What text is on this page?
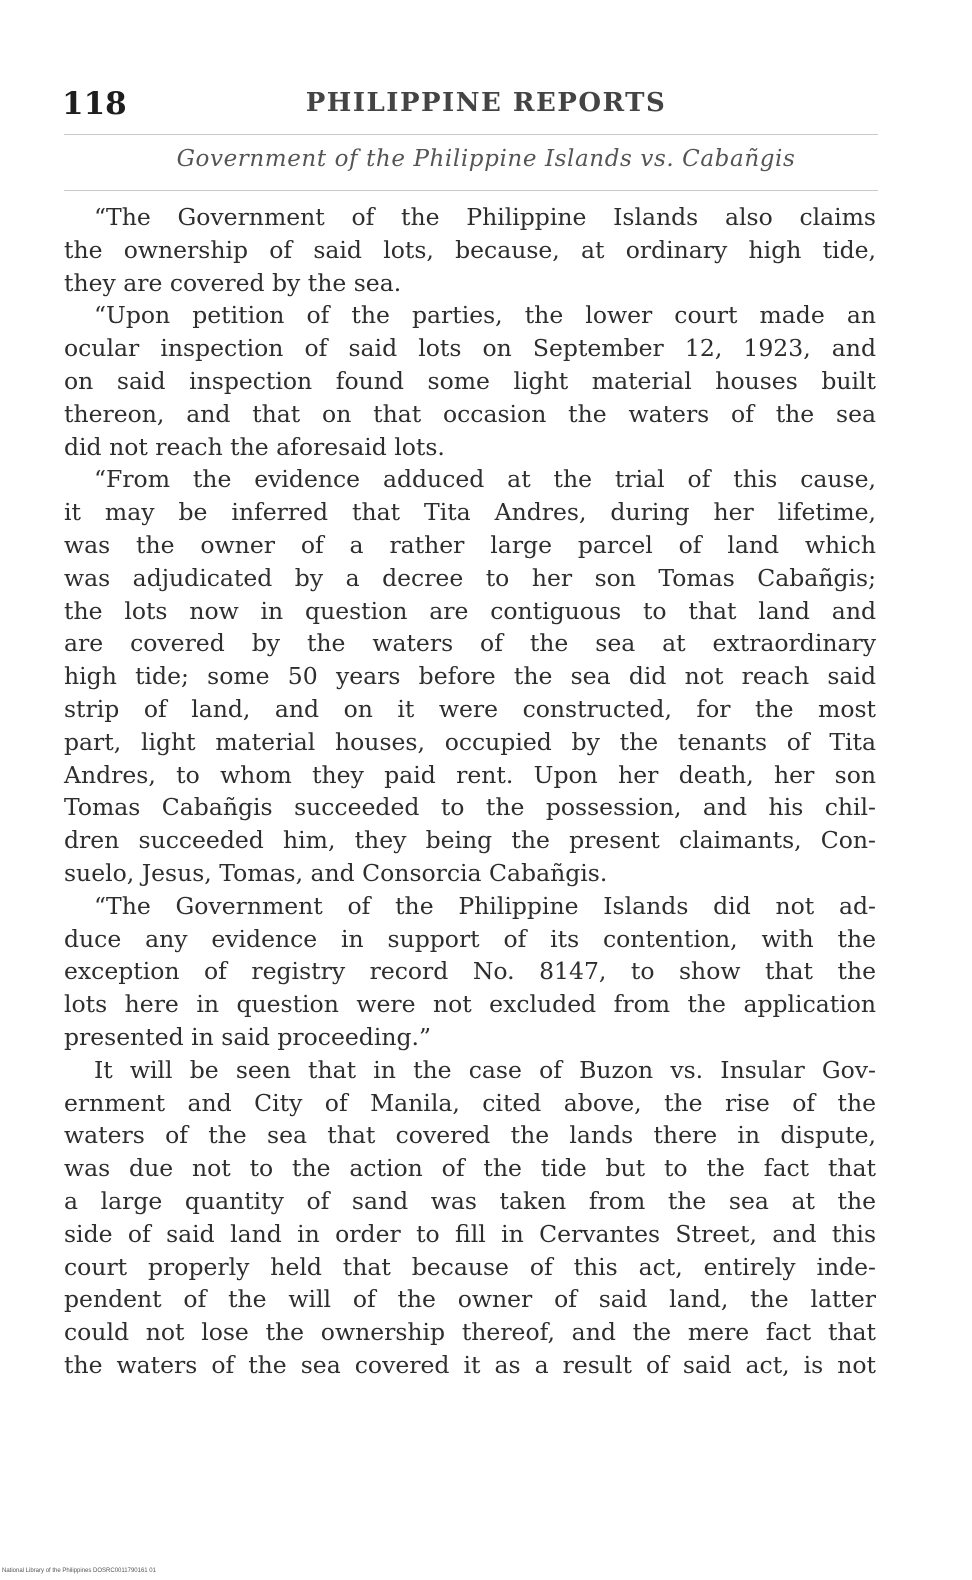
118	PHILIPPINE REPORTS

Government of the Philippine Islands vs. Cabañgis

“The Government of the Philippine Islands also claims
the ownership of said lots, because, at ordinary high tide,
they are covered by the sea.
“Upon petition of the parties, the lower court made an
ocular inspection of said lots on September 12, 1923, and
on said inspection found some light material houses built
thereon, and that on that occasion the waters of the sea
did not reach the aforesaid lots.
“From the evidence adduced at the trial of this cause,
it may be inferred that Tita Andres, during her lifetime,
was the owner of a rather large parcel of land which
was adjudicated by a decree to her son Tomas Cabañgis;
the lots now in question are contiguous to that land and
are covered by the waters of the sea at extraordinary
high tide; some 50 years before the sea did not reach said
strip of land, and on it were constructed, for the most
part, light material houses, occupied by the tenants of Tita
Andres, to whom they paid rent. Upon her death, her son
Tomas Cabañgis succeeded to the possession, and his chil-
dren succeeded him, they being the present claimants, Con-
suelo, Jesus, Tomas, and Consorcia Cabañgis.
“The Government of the Philippine Islands did not ad-
duce any evidence in support of its contention, with the
exception of registry record No. 8147, to show that the
lots here in question were not excluded from the application
presented in said proceeding.”
It will be seen that in the case of Buzon vs. Insular Gov-
ernment and City of Manila, cited above, the rise of the
waters of the sea that covered the lands there in dispute,
was due not to the action of the tide but to the fact that
a large quantity of sand was taken from the sea at the
side of said land in order to fill in Cervantes Street, and this
court properly held that because of this act, entirely inde-
pendent of the will of the owner of said land, the latter
could not lose the ownership thereof, and the mere fact that
the waters of the sea covered it as a result of said act, is not

National Library of the Philippines DOSRC0011790161 01
